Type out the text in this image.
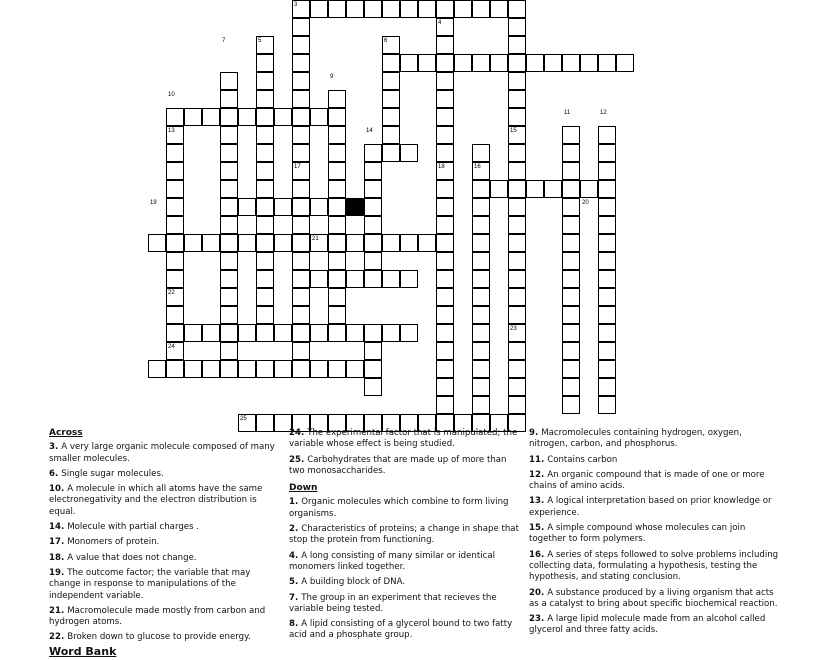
3
4
7	5	6
9
10
11	12
13	14	15
16
17	18
19	20
21
22
23
24
25
Across
3. A very large organic molecule composed of many smaller molecules.
6. Single sugar molecules.
10. A molecule in which all atoms have the same electronegativity and the electron distribution is equal.
14. Molecule with partial charges .
17. Monomers of protein.
18. A value that does not change.
19. The outcome factor; the variable that may change in response to manipulations of the independent variable.
21. Macromolecule made mostly from carbon and hydrogen atoms.
22. Broken down to glucose to provide energy.
24. The experimental factor that is manipulated; the variable whose effect is being studied.
25. Carbohydrates that are made up of more than two monosaccharides.
Down
1. Organic molecules which combine to form living organisms.
2. Characteristics of proteins; a change in shape that stop the protein from functioning.
4. A long consisting of many similar or identical monomers linked together.
5. A building block of DNA.
7. The group in an experiment that recieves the variable being tested.
8. A lipid consisting of a glycerol bound to two fatty acid and a phosphate group.
9. Macromolecules containing hydrogen, oxygen, nitrogen, carbon, and phosphorus.
11. Contains carbon
12. An organic compound that is made of one or more chains of amino acids.
13. A logical interpretation based on prior knowledge or experience.
15. A simple compound whose molecules can join together to form polymers.
16. A series of steps followed to solve problems including collecting data, formulating a hypothesis, testing the hypothesis, and stating conclusion.
20. A substance produced by a living organism that acts as a catalyst to bring about specific biochemical reaction.
23. A large lipid molecule made from an alcohol called glycerol and three fatty acids.
Word Bank
